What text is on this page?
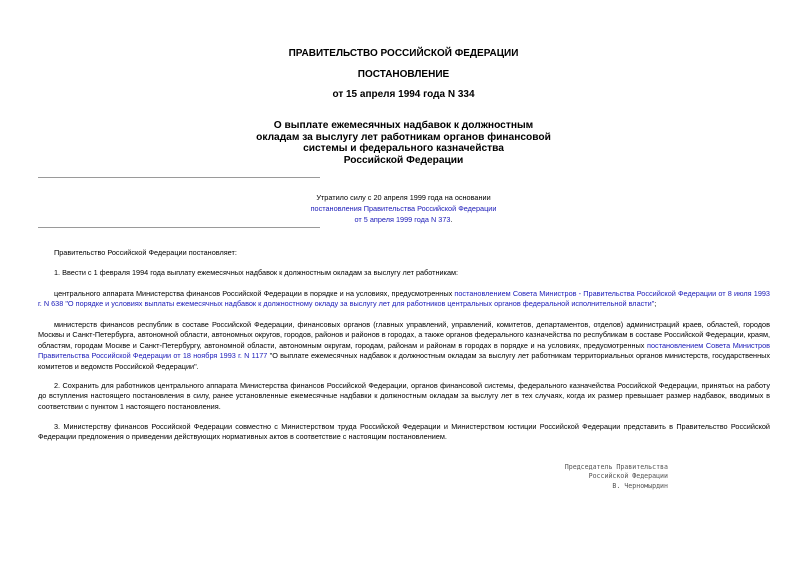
ПРАВИТЕЛЬСТВО РОССИЙСКОЙ ФЕДЕРАЦИИ
ПОСТАНОВЛЕНИЕ
от 15 апреля 1994 года N 334
О выплате ежемесячных надбавок к должностным
окладам за выслугу лет работникам органов финансовой
системы и федерального казначейства
Российской Федерации
Утратило силу с 20 апреля 1999 года на основании
постановления Правительства Российской Федерации
от 5 апреля 1999 года N 373.

Правительство Российской Федерации постановляет:

1. Ввести с 1 февраля 1994 года выплату ежемесячных надбавок к должностным окладам за выслугу лет работникам:

центрального аппарата Министерства финансов Российской Федерации в порядке и на условиях, предусмотренных постановлением Совета Министров - Правительства Российской Федерации от 8 июля 1993 г. N 638 "О порядке и условиях выплаты ежемесячных надбавок к должностному окладу за выслугу лет для работников центральных органов федеральной исполнительной власти";

министерств финансов республик в составе Российской Федерации, финансовых органов (главных управлений, управлений, комитетов, департаментов, отделов) администраций краев, областей, городов Москвы и Санкт-Петербурга, автономной области, автономных округов, городов, районов и районов в городах, а также органов федерального казначейства по республикам в составе Российской Федерации, краям, областям, городам Москве и Санкт-Петербургу, автономной области, автономным округам, городам, районам и районам в городах в порядке и на условиях, предусмотренных постановлением Совета Министров Правительства Российской Федерации от 18 ноября 1993 г. N 1177 "О выплате ежемесячных надбавок к должностным окладам за выслугу лет работникам территориальных органов министерств, государственных комитетов и ведомств Российской Федерации".

2. Сохранить для работников центрального аппарата Министерства финансов Российской Федерации, органов финансовой системы, федерального казначейства Российской Федерации, принятых на работу до вступления настоящего постановления в силу, ранее установленные ежемесячные надбавки к должностным окладам за выслугу лет в тех случаях, когда их размер превышает размер надбавок, вводимых в соответствии с пунктом 1 настоящего постановления.

3. Министерству финансов Российской Федерации совместно с Министерством труда Российской Федерации и Министерством юстиции Российской Федерации представить в Правительство Российской Федерации предложения о приведении действующих нормативных актов в соответствие с настоящим постановлением.

Председатель Правительства
Российской Федерации
В. Черномырдин
